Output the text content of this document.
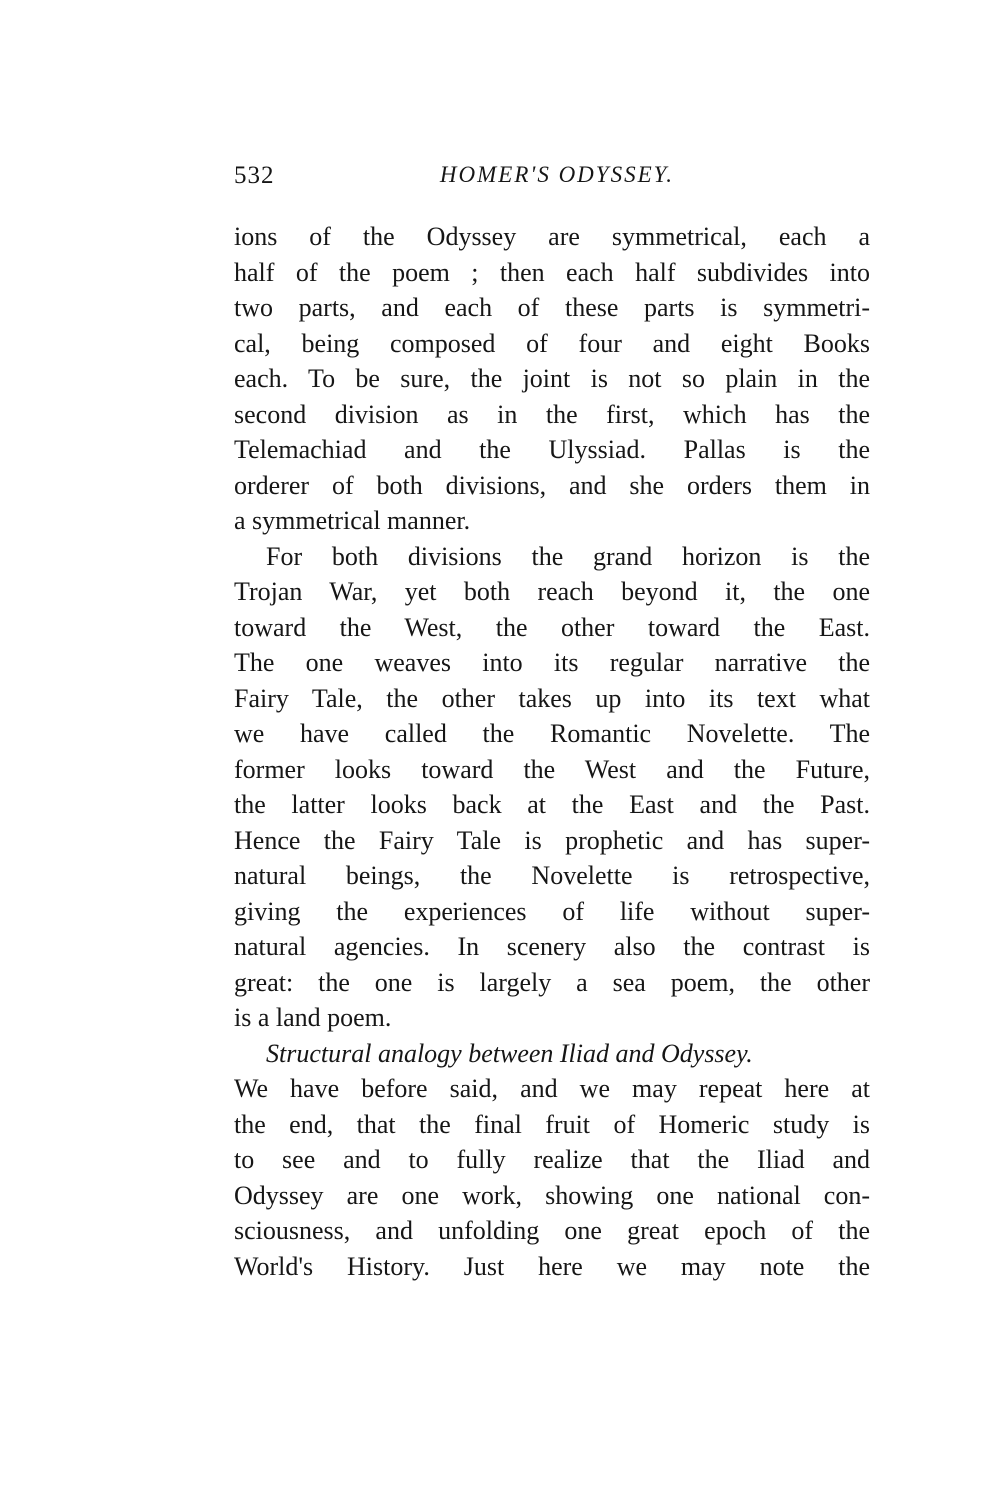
532	HOMER'S ODYSSEY.
ions of the Odyssey are symmetrical, each a
half of the poem ; then each half subdivides into
two parts, and each of these parts is symmetri-
cal, being composed of four and eight Books
each. To be sure, the joint is not so plain in the
second division as in the first, which has the
Telemachiad and the Ulyssiad. Pallas is the
orderer of both divisions, and she orders them in
a symmetrical manner.
For both divisions the grand horizon is the
Trojan War, yet both reach beyond it, the one
toward the West, the other toward the East.
The one weaves into its regular narrative the
Fairy Tale, the other takes up into its text what
we have called the Romantic Novelette. The
former looks toward the West and the Future,
the latter looks back at the East and the Past.
Hence the Fairy Tale is prophetic and has super-
natural beings, the Novelette is retrospective,
giving the experiences of life without super-
natural agencies. In scenery also the contrast is
great: the one is largely a sea poem, the other
is a land poem.
Structural analogy between Iliad and Odyssey.
We have before said, and we may repeat here at
the end, that the final fruit of Homeric study is
to see and to fully realize that the Iliad and
Odyssey are one work, showing one national con-
sciousness, and unfolding one great epoch of the
World's History. Just here we may note the
